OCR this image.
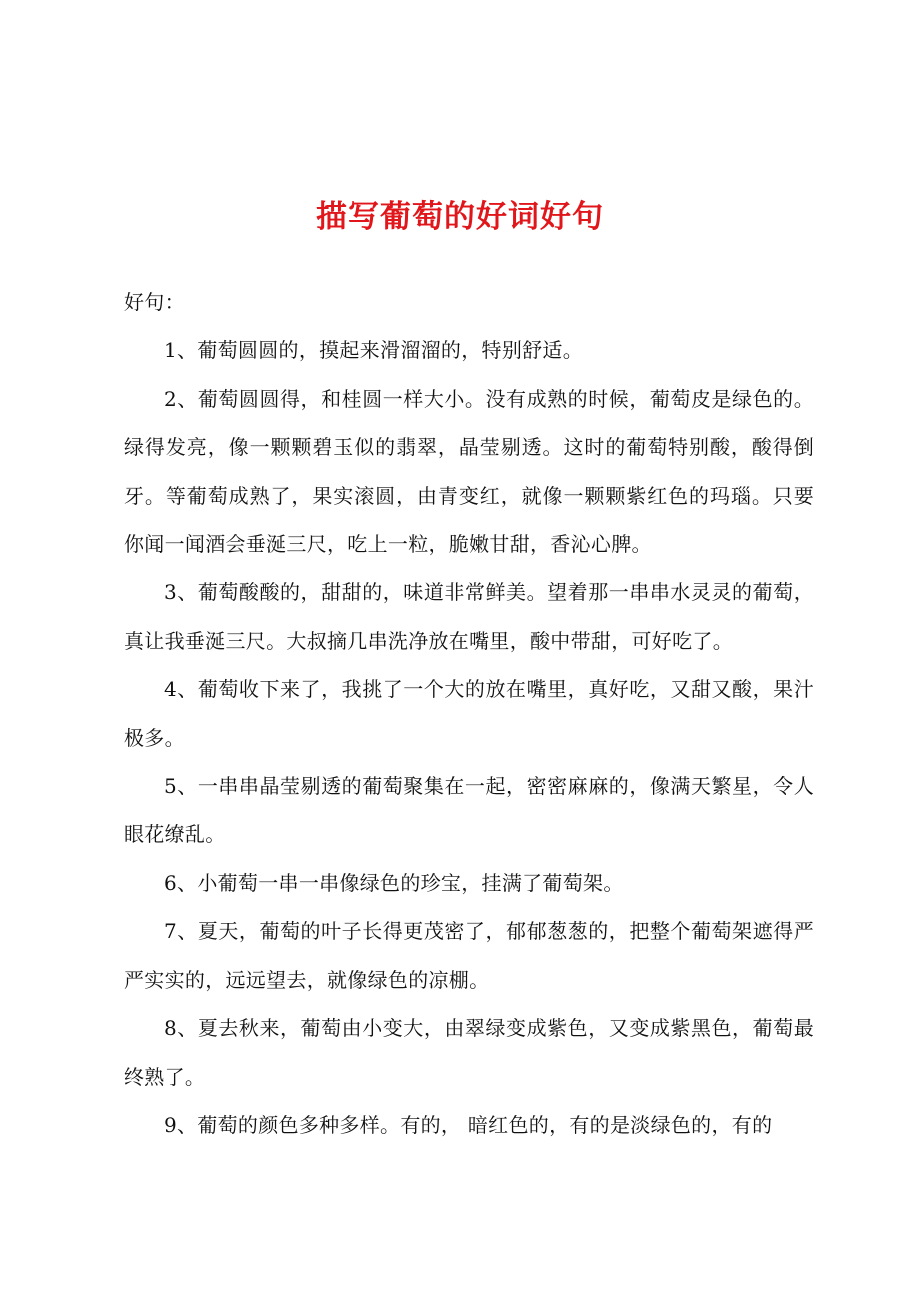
描写葡萄的好词好句

好句：

1、葡萄圆圆的，摸起来滑溜溜的，特别舒适。

2、葡萄圆圆得，和桂圆一样大小。没有成熟的时候，葡萄皮是绿色的。绿得发亮，像一颗颗碧玉似的翡翠，晶莹剔透。这时的葡萄特别酸，酸得倒牙。等葡萄成熟了，果实滚圆，由青变红，就像一颗颗紫红色的玛瑙。只要你闻一闻酒会垂涎三尺，吃上一粒，脆嫩甘甜，香沁心脾。

3、葡萄酸酸的，甜甜的，味道非常鲜美。望着那一串串水灵灵的葡萄，真让我垂涎三尺。大叔摘几串洗净放在嘴里，酸中带甜，可好吃了。

4、葡萄收下来了，我挑了一个大的放在嘴里，真好吃，又甜又酸，果汁极多。

5、一串串晶莹剔透的葡萄聚集在一起，密密麻麻的，像满天繁星，令人眼花缭乱。

6、小葡萄一串一串像绿色的珍宝，挂满了葡萄架。

7、夏天，葡萄的叶子长得更茂密了，郁郁葱葱的，把整个葡萄架遮得严严实实的，远远望去，就像绿色的凉棚。

8、夏去秋来，葡萄由小变大，由翠绿变成紫色，又变成紫黑色，葡萄最终熟了。

9、葡萄的颜色多种多样。有的， 暗红色的，有的是淡绿色的，有的
